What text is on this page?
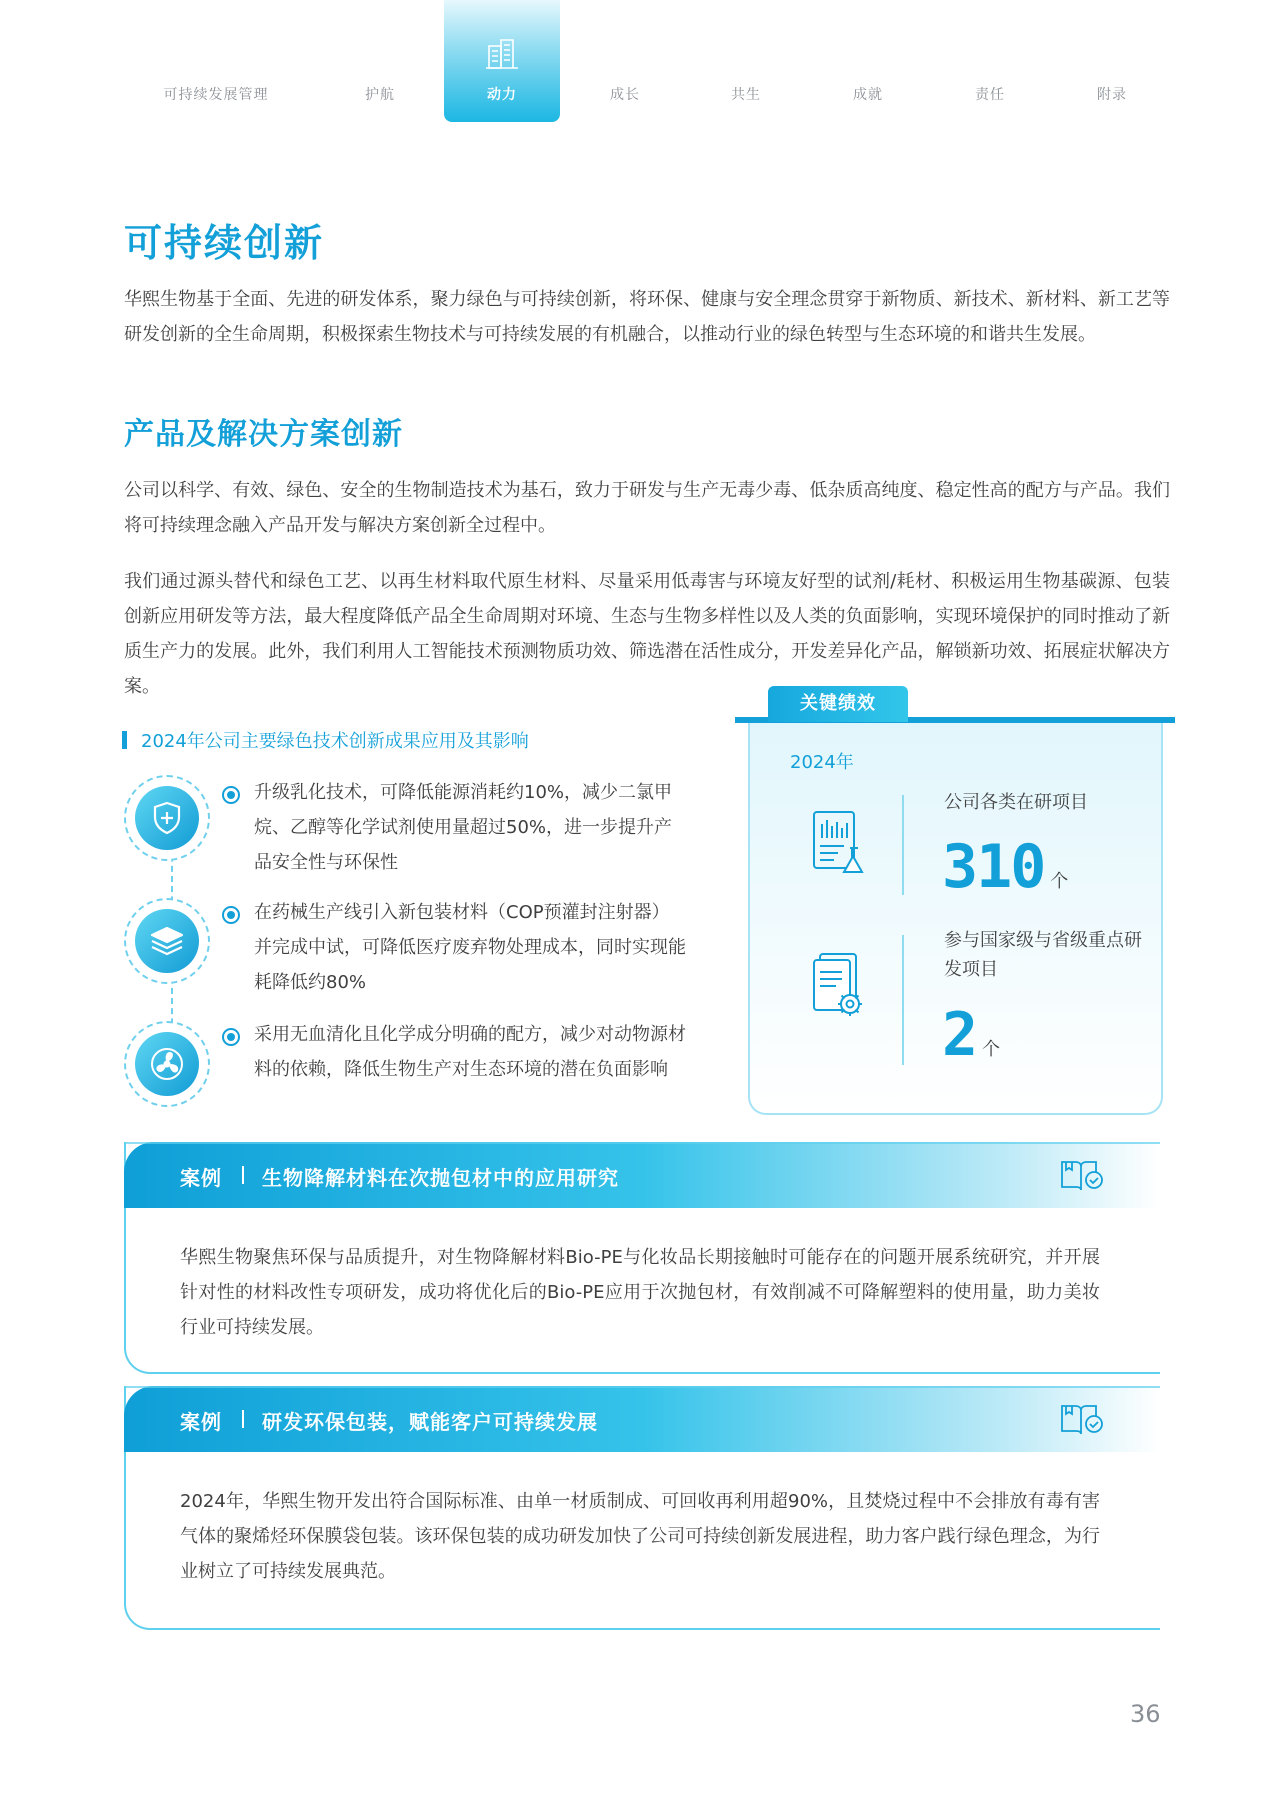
可持续发展管理	护航	动力	成长	共生	成就	责任	附录
可持续创新
华熙生物基于全面、先进的研发体系，聚力绿色与可持续创新，将环保、健康与安全理念贯穿于新物质、新技术、新材料、新工艺等研发创新的全生命周期，积极探索生物技术与可持续发展的有机融合，以推动行业的绿色转型与生态环境的和谐共生发展。
产品及解决方案创新
公司以科学、有效、绿色、安全的生物制造技术为基石，致力于研发与生产无毒少毒、低杂质高纯度、稳定性高的配方与产品。我们将可持续理念融入产品开发与解决方案创新全过程中。
我们通过源头替代和绿色工艺、以再生材料取代原生材料、尽量采用低毒害与环境友好型的试剂/耗材、积极运用生物基碳源、包装创新应用研发等方法，最大程度降低产品全生命周期对环境、生态与生物多样性以及人类的负面影响，实现环境保护的同时推动了新质生产力的发展。此外，我们利用人工智能技术预测物质功效、筛选潜在活性成分，开发差异化产品，解锁新功效、拓展症状解决方案。
2024年公司主要绿色技术创新成果应用及其影响
升级乳化技术，可降低能源消耗约10%，减少二氯甲烷、乙醇等化学试剂使用量超过50%，进一步提升产品安全性与环保性
在药械生产线引入新包装材料（COP预灌封注射器）并完成中试，可降低医疗废弃物处理成本，同时实现能耗降低约80%
采用无血清化且化学成分明确的配方，减少对动物源材料的依赖，降低生物生产对生态环境的潜在负面影响
关键绩效
2024年
公司各类在研项目
310 个
参与国家级与省级重点研发项目
2 个
案例 生物降解材料在次抛包材中的应用研究
华熙生物聚焦环保与品质提升，对生物降解材料Bio-PE与化妆品长期接触时可能存在的问题开展系统研究，并开展针对性的材料改性专项研发，成功将优化后的Bio-PE应用于次抛包材，有效削减不可降解塑料的使用量，助力美妆行业可持续发展。
案例 研发环保包装，赋能客户可持续发展
2024年，华熙生物开发出符合国际标准、由单一材质制成、可回收再利用超90%，且焚烧过程中不会排放有毒有害气体的聚烯烃环保膜袋包装。该环保包装的成功研发加快了公司可持续创新发展进程，助力客户践行绿色理念，为行业树立了可持续发展典范。
36
